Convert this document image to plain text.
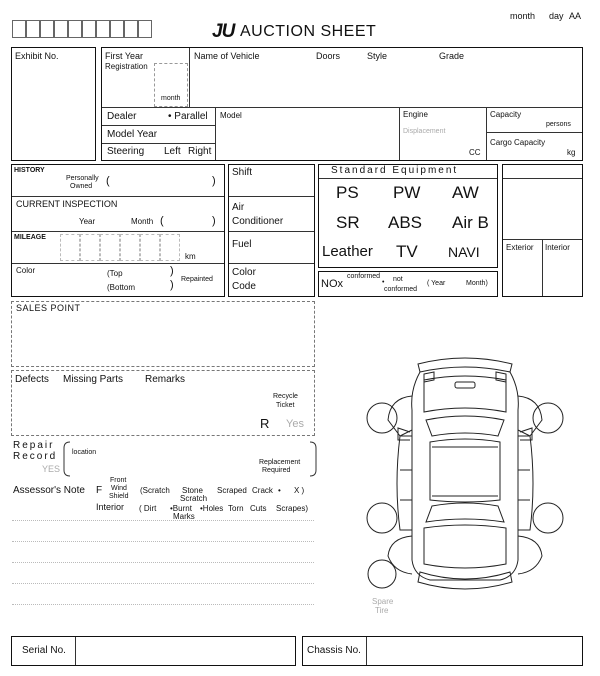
JU AUCTION SHEET
month day AA
Exhibit No.	First Year
Registration
month
Name of Vehicle	Doors	Style	Grade
Dealer	• Parallel
Model Year
Steering Left Right
Model	Engine
Displacement
CC
Capacity
persons
Cargo Capacity
kg
HISTORY
Personally
Owned (	)
CURRENT INSPECTION
Year	Month (	)
MILEAGE
km
Color	(Top
(Bottom
)
) Repainted
Shift
Air
Conditioner
Fuel
Color
Code
Standard Equipment
PS PW AW
SR ABS Air B
Leather TV NAVI
NOx
conformed
• not
conformed
( Year	Month)
Exterior Interior
SALES POINT
Defects Missing Parts Remarks
Recycle
Ticket
R Yes
Repair
Record location
YES
Replacement
Required
Assessor's Note F
Front
Wind
Shield
(Scratch Stone
Scratch
Scraped Crack • X )
Interior ( Dirt •Burnt
Marks
•Holes Torn Cuts Scrapes)
Spare
Tire
Serial No.	Chassis No.
